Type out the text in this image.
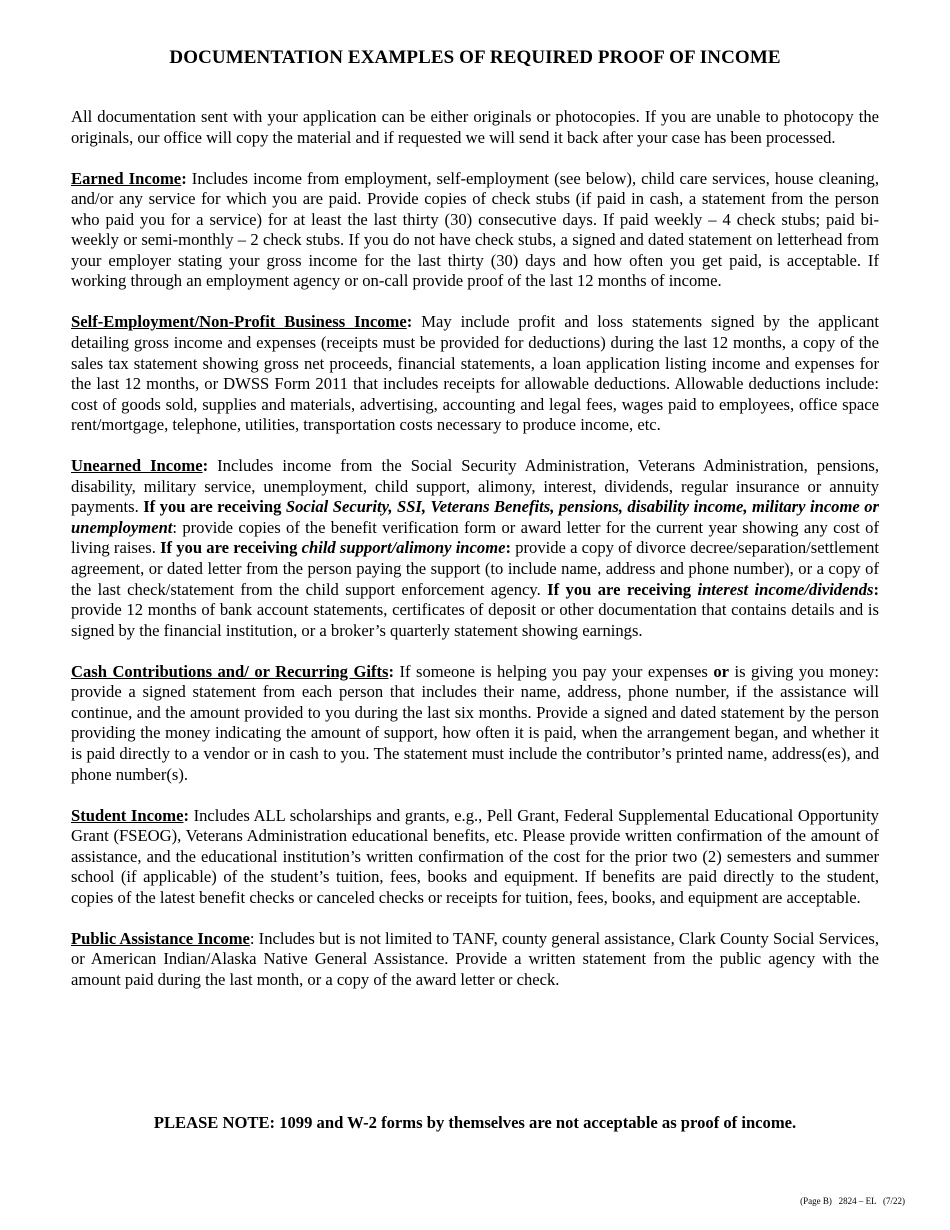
DOCUMENTATION EXAMPLES OF REQUIRED PROOF OF INCOME

All documentation sent with your application can be either originals or photocopies. If you are unable to photocopy the originals, our office will copy the material and if requested we will send it back after your case has been processed.

Earned Income: Includes income from employment, self-employment (see below), child care services, house cleaning, and/or any service for which you are paid. Provide copies of check stubs (if paid in cash, a statement from the person who paid you for a service) for at least the last thirty (30) consecutive days. If paid weekly – 4 check stubs; paid bi-weekly or semi-monthly – 2 check stubs. If you do not have check stubs, a signed and dated statement on letterhead from your employer stating your gross income for the last thirty (30) days and how often you get paid, is acceptable. If working through an employment agency or on-call provide proof of the last 12 months of income.

Self-Employment/Non-Profit Business Income: May include profit and loss statements signed by the applicant detailing gross income and expenses (receipts must be provided for deductions) during the last 12 months, a copy of the sales tax statement showing gross net proceeds, financial statements, a loan application listing income and expenses for the last 12 months, or DWSS Form 2011 that includes receipts for allowable deductions. Allowable deductions include: cost of goods sold, supplies and materials, advertising, accounting and legal fees, wages paid to employees, office space rent/mortgage, telephone, utilities, transportation costs necessary to produce income, etc.

Unearned Income: Includes income from the Social Security Administration, Veterans Administration, pensions, disability, military service, unemployment, child support, alimony, interest, dividends, regular insurance or annuity payments. If you are receiving Social Security, SSI, Veterans Benefits, pensions, disability income, military income or unemployment: provide copies of the benefit verification form or award letter for the current year showing any cost of living raises. If you are receiving child support/alimony income: provide a copy of divorce decree/separation/settlement agreement, or dated letter from the person paying the support (to include name, address and phone number), or a copy of the last check/statement from the child support enforcement agency. If you are receiving interest income/dividends: provide 12 months of bank account statements, certificates of deposit or other documentation that contains details and is signed by the financial institution, or a broker’s quarterly statement showing earnings.

Cash Contributions and/ or Recurring Gifts: If someone is helping you pay your expenses or is giving you money: provide a signed statement from each person that includes their name, address, phone number, if the assistance will continue, and the amount provided to you during the last six months. Provide a signed and dated statement by the person providing the money indicating the amount of support, how often it is paid, when the arrangement began, and whether it is paid directly to a vendor or in cash to you. The statement must include the contributor’s printed name, address(es), and phone number(s).

Student Income: Includes ALL scholarships and grants, e.g., Pell Grant, Federal Supplemental Educational Opportunity Grant (FSEOG), Veterans Administration educational benefits, etc. Please provide written confirmation of the amount of assistance, and the educational institution’s written confirmation of the cost for the prior two (2) semesters and summer school (if applicable) of the student’s tuition, fees, books and equipment. If benefits are paid directly to the student, copies of the latest benefit checks or canceled checks or receipts for tuition, fees, books, and equipment are acceptable.

Public Assistance Income: Includes but is not limited to TANF, county general assistance, Clark County Social Services, or American Indian/Alaska Native General Assistance. Provide a written statement from the public agency with the amount paid during the last month, or a copy of the award letter or check.

PLEASE NOTE: 1099 and W-2 forms by themselves are not acceptable as proof of income.

(Page B)   2824 – EL   (7/22)
